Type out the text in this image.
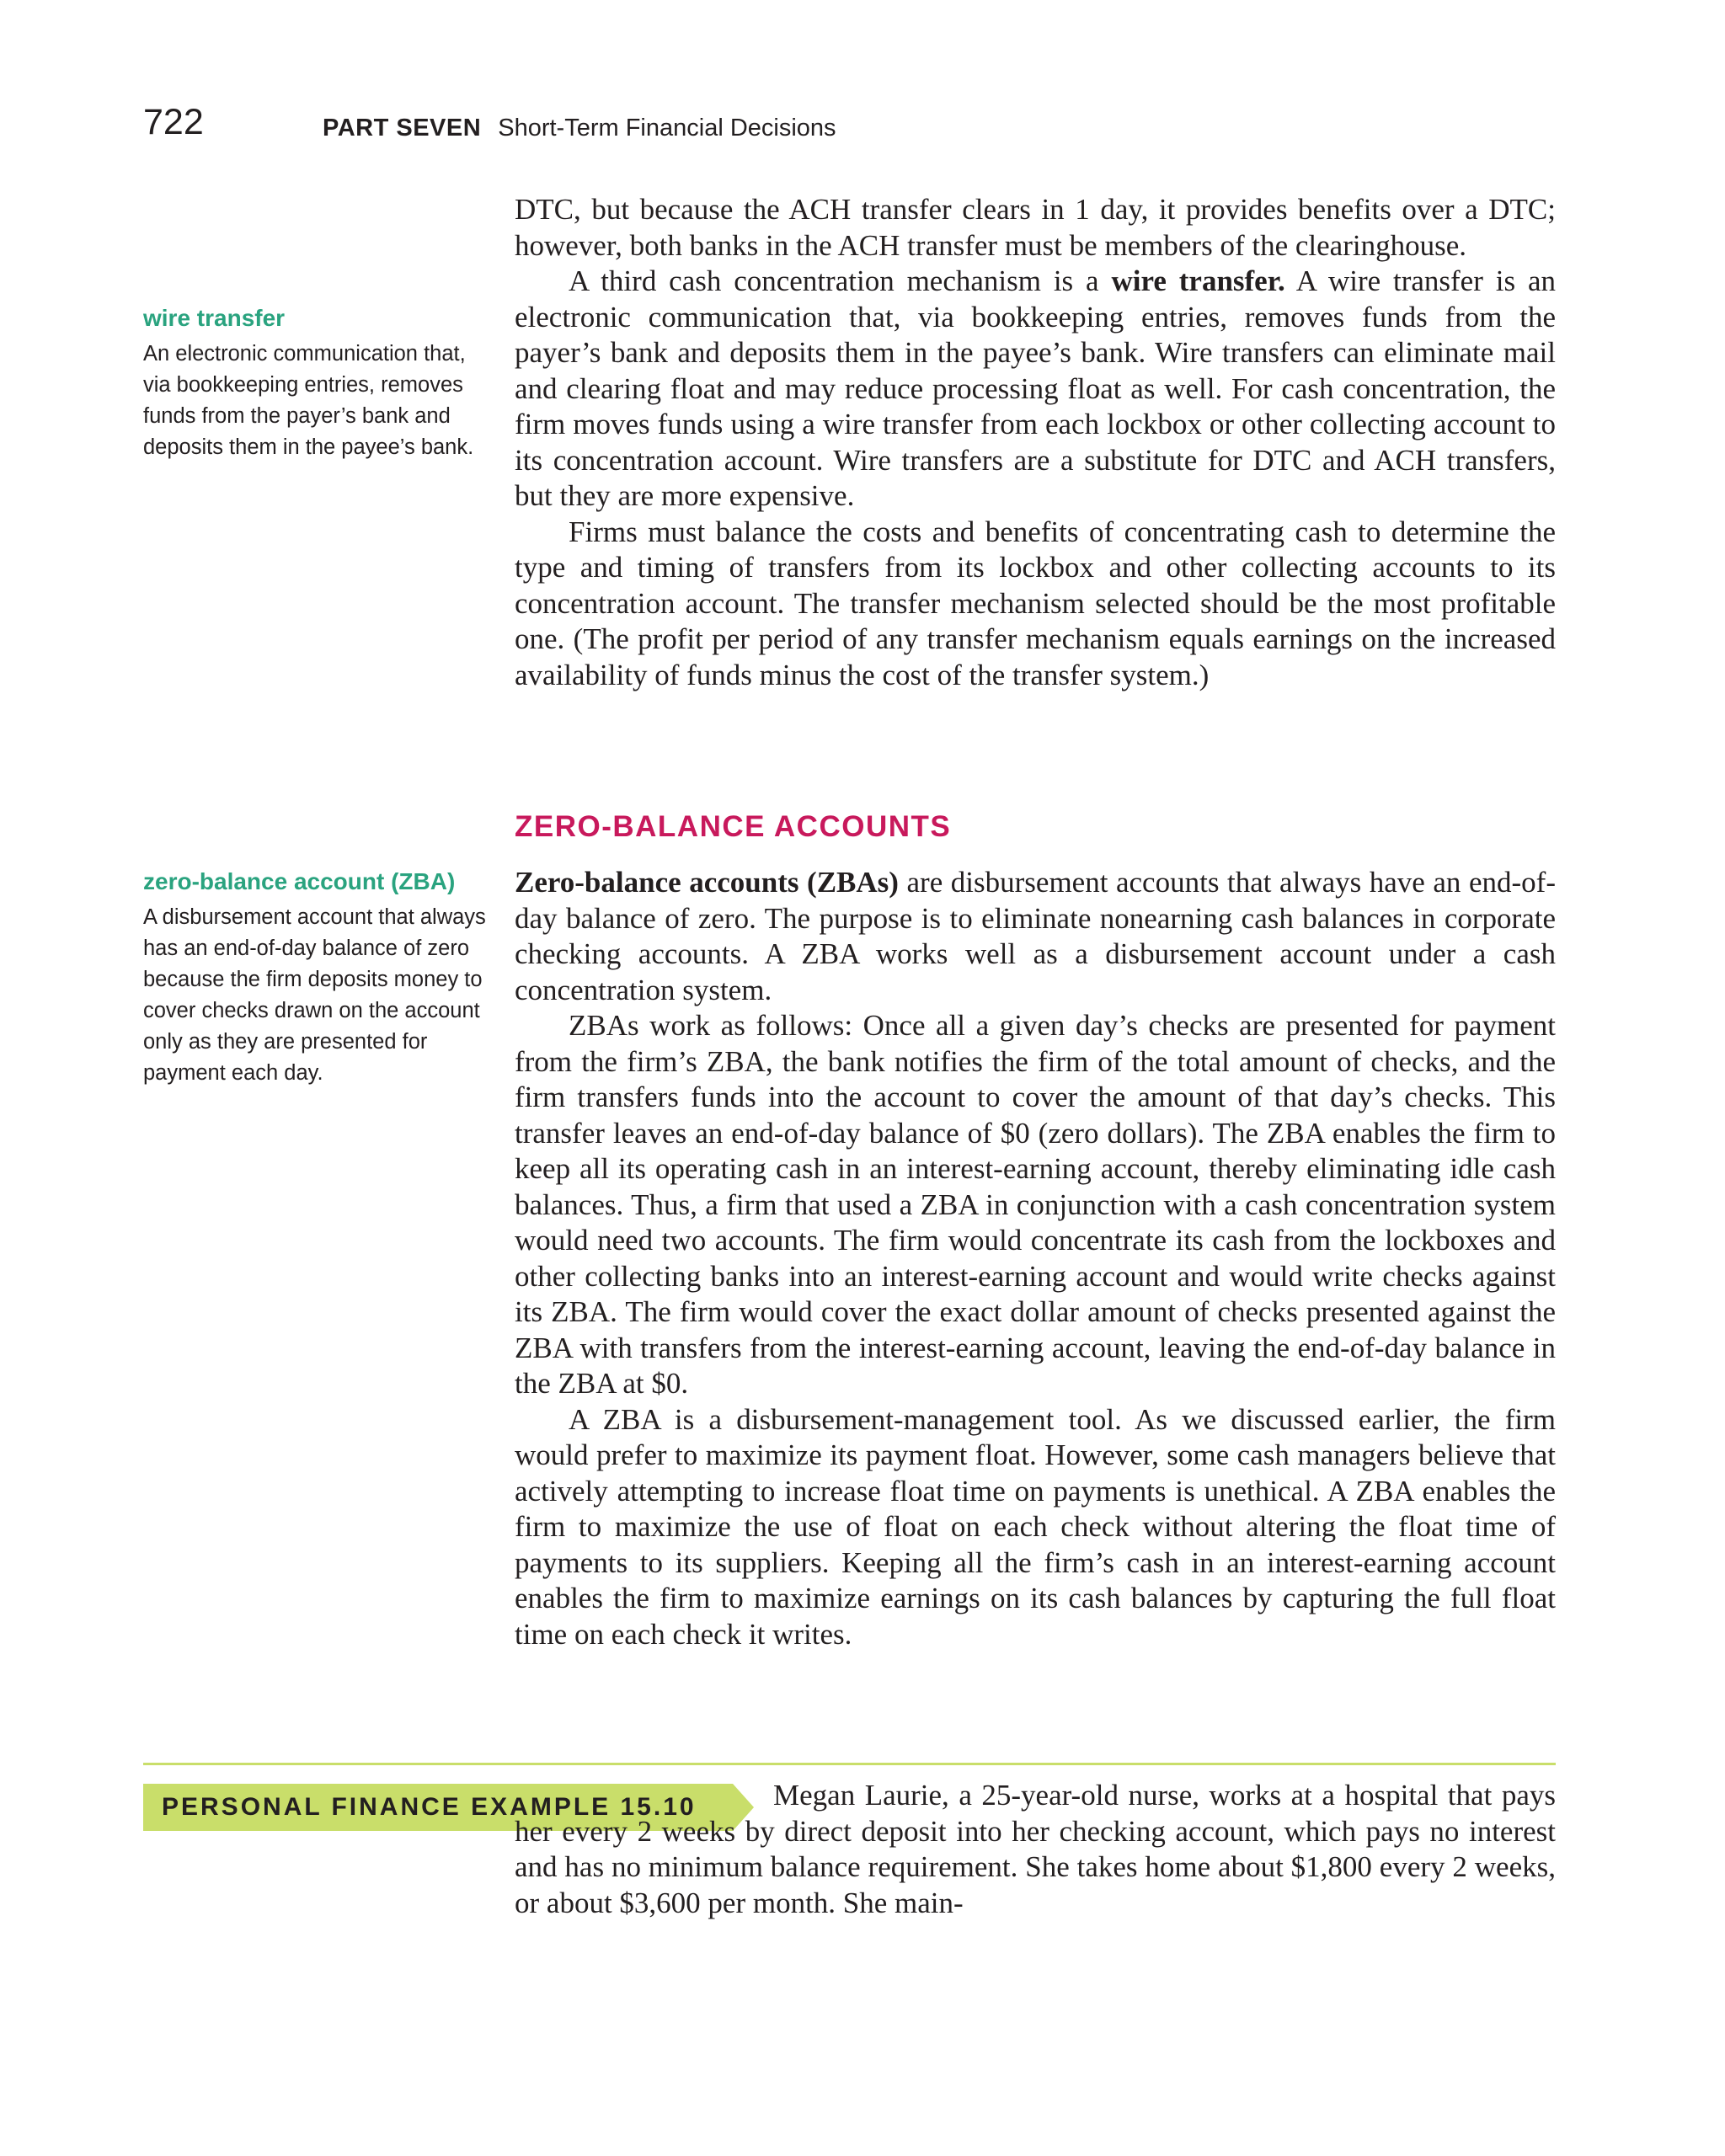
722	PART SEVEN Short-Term Financial Decisions

wire transfer

An electronic communication that, via bookkeeping entries, removes funds from the payer’s bank and deposits them in the payee’s bank.

zero-balance account (ZBA)

A disbursement account that always has an end-of-day balance of zero because the firm deposits money to cover checks drawn on the account only as they are presented for payment each day.

DTC, but because the ACH transfer clears in 1 day, it provides benefits over a DTC; however, both banks in the ACH transfer must be members of the clearinghouse.

A third cash concentration mechanism is a wire transfer. A wire transfer is an electronic communication that, via bookkeeping entries, removes funds from the payer’s bank and deposits them in the payee’s bank. Wire transfers can eliminate mail and clearing float and may reduce processing float as well. For cash concentration, the firm moves funds using a wire transfer from each lockbox or other collecting account to its concentration account. Wire transfers are a substitute for DTC and ACH transfers, but they are more expensive.

Firms must balance the costs and benefits of concentrating cash to determine the type and timing of transfers from its lockbox and other collecting accounts to its concentration account. The transfer mechanism selected should be the most profitable one. (The profit per period of any transfer mechanism equals earnings on the increased availability of funds minus the cost of the transfer system.)

ZERO-BALANCE ACCOUNTS

Zero-balance accounts (ZBAs) are disbursement accounts that always have an end-of-day balance of zero. The purpose is to eliminate nonearning cash balances in corporate checking accounts. A ZBA works well as a disbursement account under a cash concentration system.

ZBAs work as follows: Once all a given day’s checks are presented for payment from the firm’s ZBA, the bank notifies the firm of the total amount of checks, and the firm transfers funds into the account to cover the amount of that day’s checks. This transfer leaves an end-of-day balance of $0 (zero dollars). The ZBA enables the firm to keep all its operating cash in an interest-earning account, thereby eliminating idle cash balances. Thus, a firm that used a ZBA in conjunction with a cash concentration system would need two accounts. The firm would concentrate its cash from the lockboxes and other collecting banks into an interest-earning account and would write checks against its ZBA. The firm would cover the exact dollar amount of checks presented against the ZBA with transfers from the interest-earning account, leaving the end-of-day balance in the ZBA at $0.

A ZBA is a disbursement-management tool. As we discussed earlier, the firm would prefer to maximize its payment float. However, some cash managers believe that actively attempting to increase float time on payments is unethical. A ZBA enables the firm to maximize the use of float on each check without altering the float time of payments to its suppliers. Keeping all the firm’s cash in an interest-earning account enables the firm to maximize earnings on its cash balances by capturing the full float time on each check it writes.

PERSONAL FINANCE EXAMPLE 15.10	Megan Laurie, a 25-year-old nurse, works at a hospital that pays her every 2 weeks by direct deposit into her checking account, which pays no interest and has no minimum balance requirement. She takes home about $1,800 every 2 weeks, or about $3,600 per month. She main-
